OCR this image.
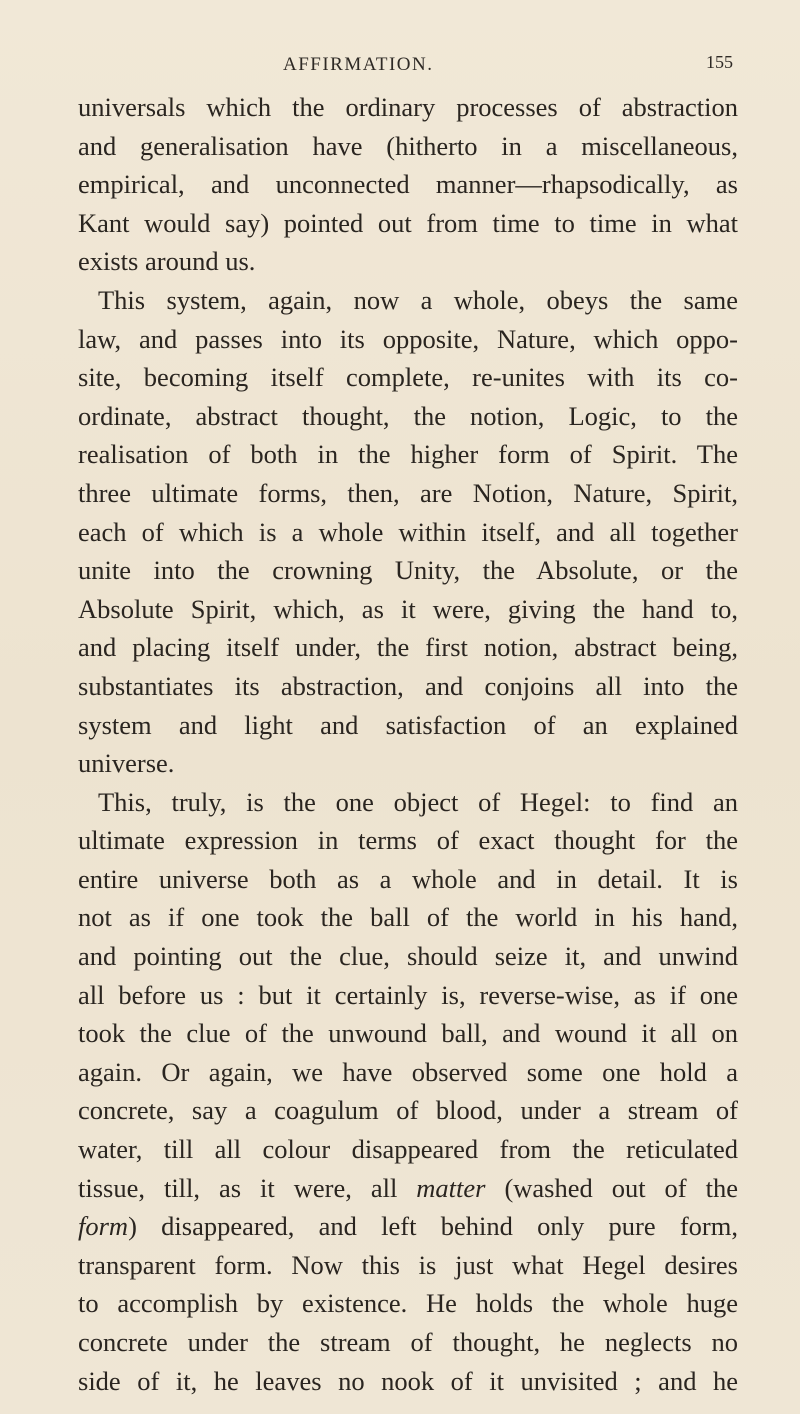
AFFIRMATION.	155
universals which the ordinary processes of abstraction
and generalisation have (hitherto in a miscellaneous,
empirical, and unconnected manner—rhapsodically, as
Kant would say) pointed out from time to time in what
exists around us.
This system, again, now a whole, obeys the same
law, and passes into its opposite, Nature, which oppo-
site, becoming itself complete, re-unites with its co-
ordinate, abstract thought, the notion, Logic, to the
realisation of both in the higher form of Spirit. The
three ultimate forms, then, are Notion, Nature, Spirit,
each of which is a whole within itself, and all together
unite into the crowning Unity, the Absolute, or the
Absolute Spirit, which, as it were, giving the hand to,
and placing itself under, the first notion, abstract being,
substantiates its abstraction, and conjoins all into the
system and light and satisfaction of an explained
universe.
This, truly, is the one object of Hegel: to find an
ultimate expression in terms of exact thought for the
entire universe both as a whole and in detail. It is
not as if one took the ball of the world in his hand,
and pointing out the clue, should seize it, and unwind
all before us : but it certainly is, reverse-wise, as if one
took the clue of the unwound ball, and wound it all on
again. Or again, we have observed some one hold a
concrete, say a coagulum of blood, under a stream of
water, till all colour disappeared from the reticulated
tissue, till, as it were, all matter (washed out of the
form) disappeared, and left behind only pure form,
transparent form. Now this is just what Hegel desires
to accomplish by existence. He holds the whole huge
concrete under the stream of thought, he neglects no
side of it, he leaves no nook of it unvisited ; and he
